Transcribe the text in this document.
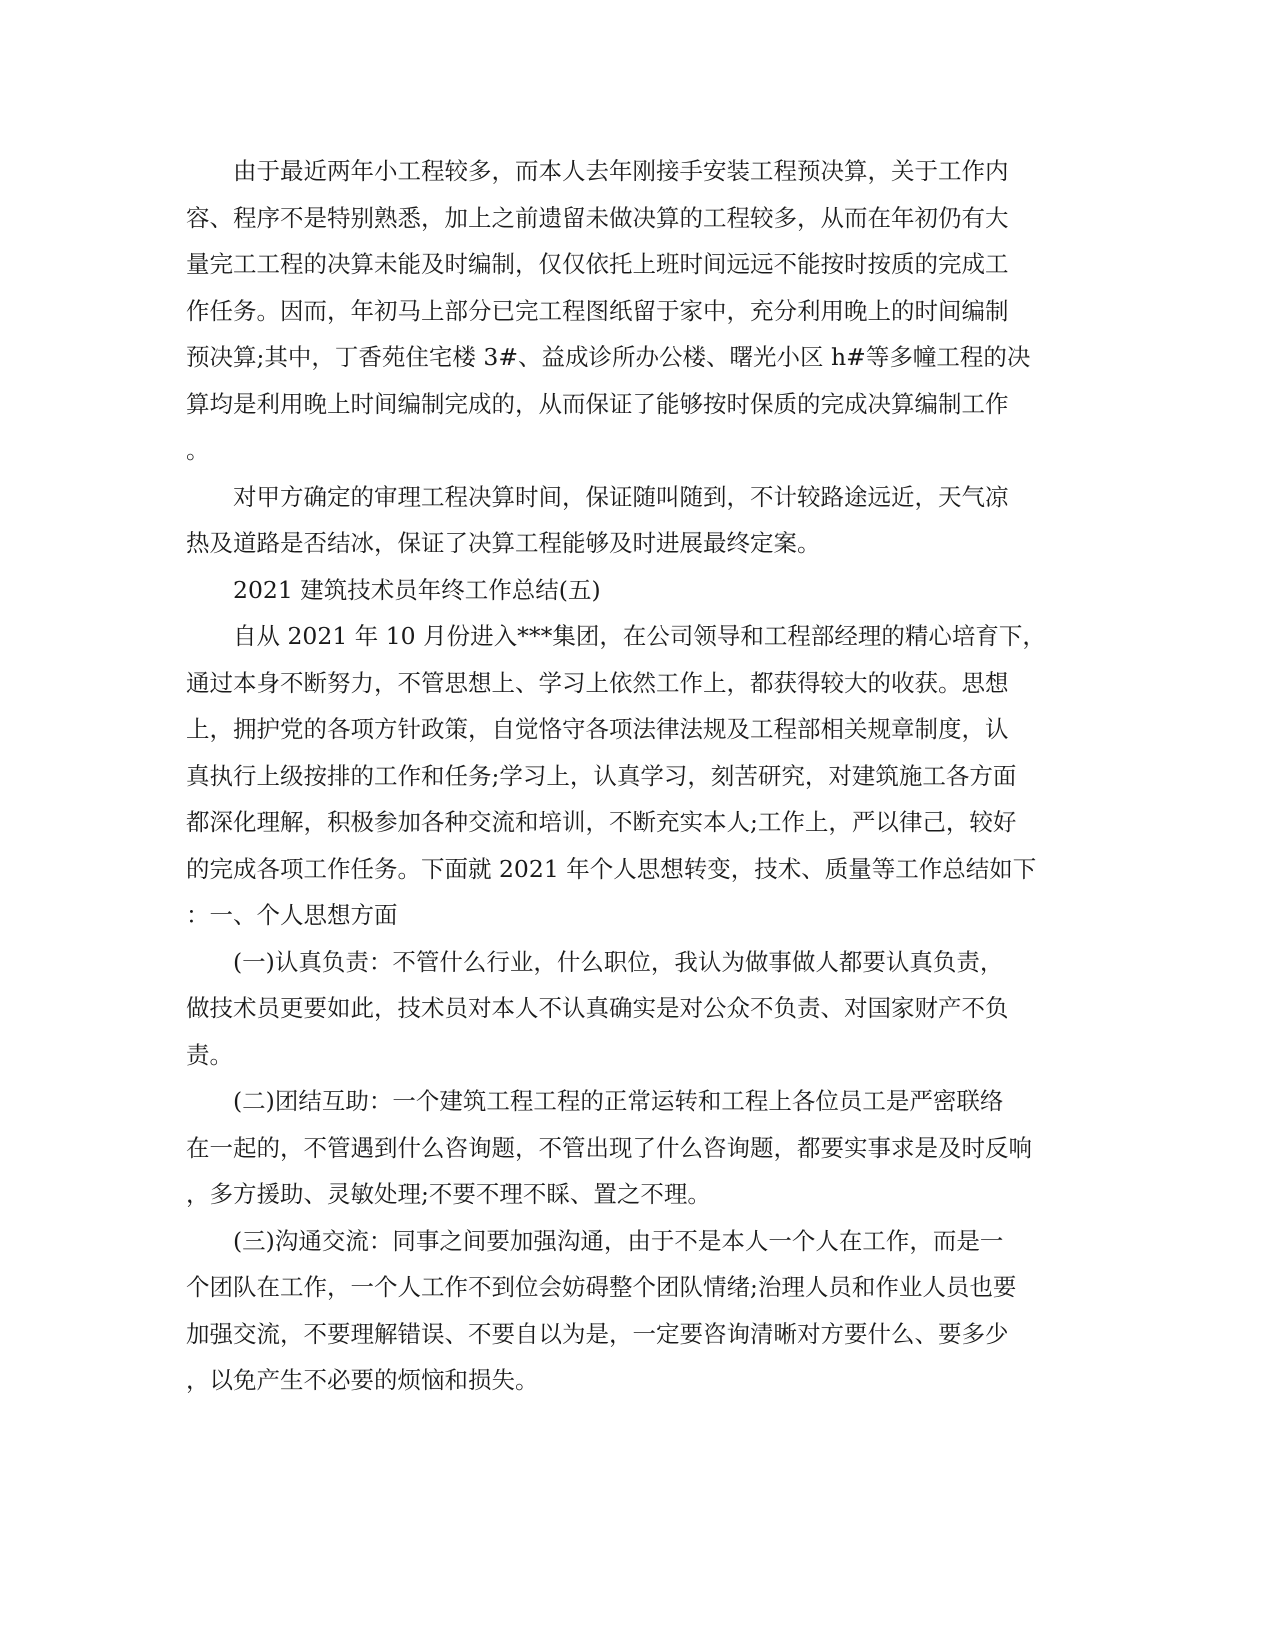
由于最近两年小工程较多，而本人去年刚接手安装工程预决算，关于工作内
容、程序不是特别熟悉，加上之前遗留未做决算的工程较多，从而在年初仍有大
量完工工程的决算未能及时编制，仅仅依托上班时间远远不能按时按质的完成工
作任务。因而，年初马上部分已完工程图纸留于家中，充分利用晚上的时间编制
预决算;其中，丁香苑住宅楼 3#、益成诊所办公楼、曙光小区 h#等多幢工程的决
算均是利用晚上时间编制完成的，从而保证了能够按时保质的完成决算编制工作
。
对甲方确定的审理工程决算时间，保证随叫随到，不计较路途远近，天气凉
热及道路是否结冰，保证了决算工程能够及时进展最终定案。
2021 建筑技术员年终工作总结(五)
自从 2021 年 10 月份进入***集团，在公司领导和工程部经理的精心培育下，
通过本身不断努力，不管思想上、学习上依然工作上，都获得较大的收获。思想
上，拥护党的各项方针政策，自觉恪守各项法律法规及工程部相关规章制度，认
真执行上级按排的工作和任务;学习上，认真学习，刻苦研究，对建筑施工各方面
都深化理解，积极参加各种交流和培训，不断充实本人;工作上，严以律己，较好
的完成各项工作任务。下面就 2021 年个人思想转变，技术、质量等工作总结如下
：一、个人思想方面
(一)认真负责：不管什么行业，什么职位，我认为做事做人都要认真负责，
做技术员更要如此，技术员对本人不认真确实是对公众不负责、对国家财产不负
责。
(二)团结互助：一个建筑工程工程的正常运转和工程上各位员工是严密联络
在一起的，不管遇到什么咨询题，不管出现了什么咨询题，都要实事求是及时反响
，多方援助、灵敏处理;不要不理不睬、置之不理。
(三)沟通交流：同事之间要加强沟通，由于不是本人一个人在工作，而是一
个团队在工作，一个人工作不到位会妨碍整个团队情绪;治理人员和作业人员也要
加强交流，不要理解错误、不要自以为是，一定要咨询清晰对方要什么、要多少
，以免产生不必要的烦恼和损失。
